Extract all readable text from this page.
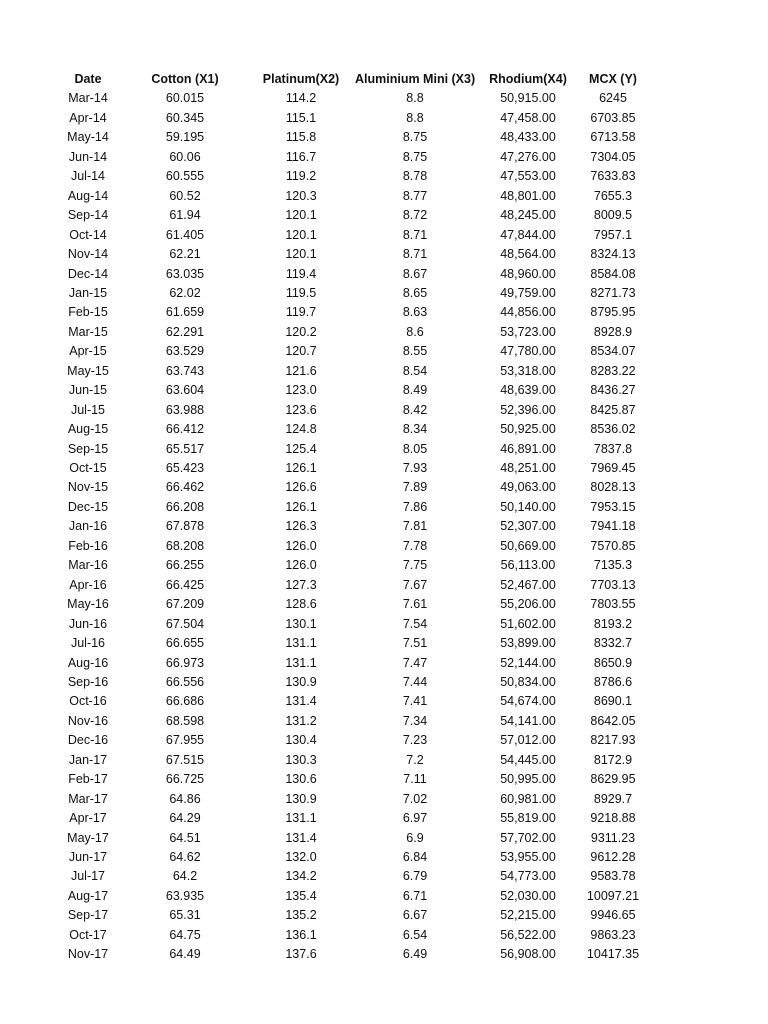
Date	Cotton (X1)	Platinum(X2)	Aluminium Mini (X3)	Rhodium(X4)	MCX (Y)
Mar-14	60.015	114.2	8.8	50,915.00	6245
Apr-14	60.345	115.1	8.8	47,458.00	6703.85
May-14	59.195	115.8	8.75	48,433.00	6713.58
Jun-14	60.06	116.7	8.75	47,276.00	7304.05
Jul-14	60.555	119.2	8.78	47,553.00	7633.83
Aug-14	60.52	120.3	8.77	48,801.00	7655.3
Sep-14	61.94	120.1	8.72	48,245.00	8009.5
Oct-14	61.405	120.1	8.71	47,844.00	7957.1
Nov-14	62.21	120.1	8.71	48,564.00	8324.13
Dec-14	63.035	119.4	8.67	48,960.00	8584.08
Jan-15	62.02	119.5	8.65	49,759.00	8271.73
Feb-15	61.659	119.7	8.63	44,856.00	8795.95
Mar-15	62.291	120.2	8.6	53,723.00	8928.9
Apr-15	63.529	120.7	8.55	47,780.00	8534.07
May-15	63.743	121.6	8.54	53,318.00	8283.22
Jun-15	63.604	123.0	8.49	48,639.00	8436.27
Jul-15	63.988	123.6	8.42	52,396.00	8425.87
Aug-15	66.412	124.8	8.34	50,925.00	8536.02
Sep-15	65.517	125.4	8.05	46,891.00	7837.8
Oct-15	65.423	126.1	7.93	48,251.00	7969.45
Nov-15	66.462	126.6	7.89	49,063.00	8028.13
Dec-15	66.208	126.1	7.86	50,140.00	7953.15
Jan-16	67.878	126.3	7.81	52,307.00	7941.18
Feb-16	68.208	126.0	7.78	50,669.00	7570.85
Mar-16	66.255	126.0	7.75	56,113.00	7135.3
Apr-16	66.425	127.3	7.67	52,467.00	7703.13
May-16	67.209	128.6	7.61	55,206.00	7803.55
Jun-16	67.504	130.1	7.54	51,602.00	8193.2
Jul-16	66.655	131.1	7.51	53,899.00	8332.7
Aug-16	66.973	131.1	7.47	52,144.00	8650.9
Sep-16	66.556	130.9	7.44	50,834.00	8786.6
Oct-16	66.686	131.4	7.41	54,674.00	8690.1
Nov-16	68.598	131.2	7.34	54,141.00	8642.05
Dec-16	67.955	130.4	7.23	57,012.00	8217.93
Jan-17	67.515	130.3	7.2	54,445.00	8172.9
Feb-17	66.725	130.6	7.11	50,995.00	8629.95
Mar-17	64.86	130.9	7.02	60,981.00	8929.7
Apr-17	64.29	131.1	6.97	55,819.00	9218.88
May-17	64.51	131.4	6.9	57,702.00	9311.23
Jun-17	64.62	132.0	6.84	53,955.00	9612.28
Jul-17	64.2	134.2	6.79	54,773.00	9583.78
Aug-17	63.935	135.4	6.71	52,030.00	10097.21
Sep-17	65.31	135.2	6.67	52,215.00	9946.65
Oct-17	64.75	136.1	6.54	56,522.00	9863.23
Nov-17	64.49	137.6	6.49	56,908.00	10417.35
